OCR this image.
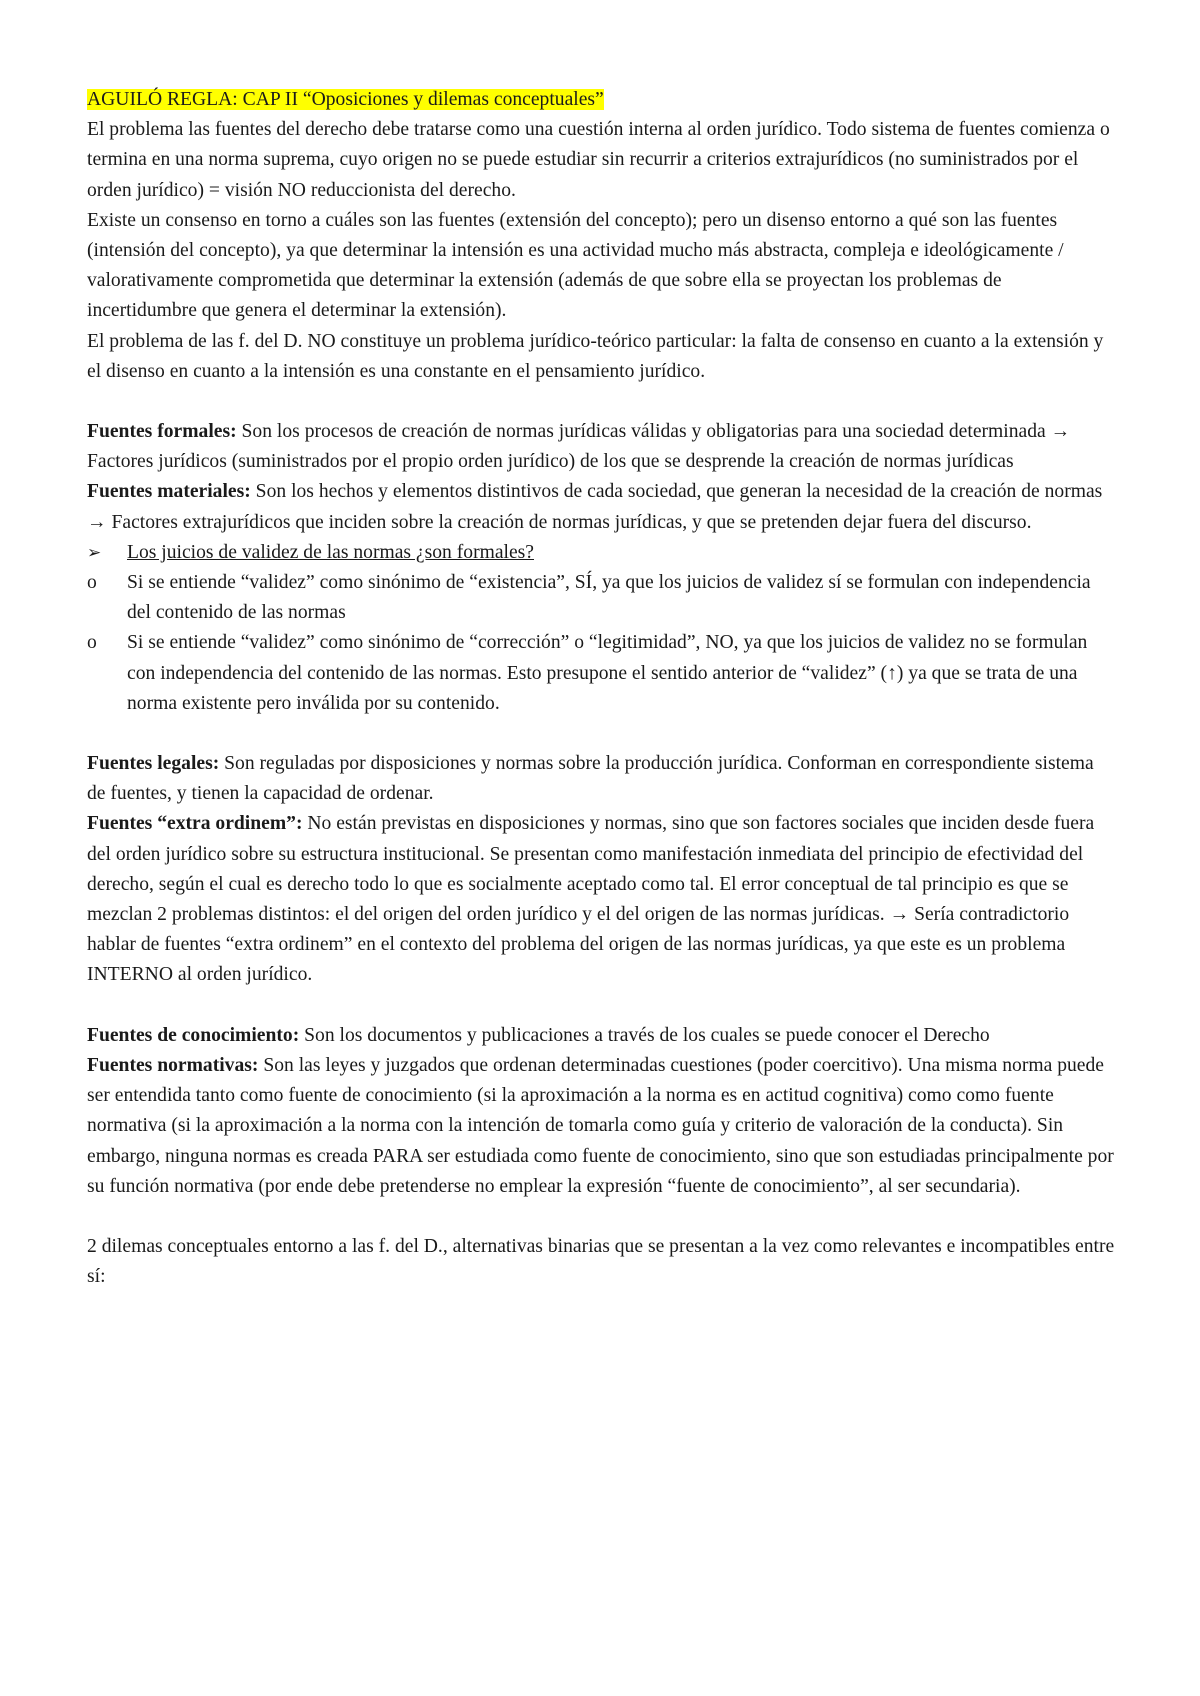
AGUILÓ REGLA: CAP II “Oposiciones y dilemas conceptuales”

El problema las fuentes del derecho debe tratarse como una cuestión interna al orden jurídico. Todo sistema de fuentes comienza o termina en una norma suprema, cuyo origen no se puede estudiar sin recurrir a criterios extrajurídicos (no suministrados por el orden jurídico) = visión NO reduccionista del derecho.

Existe un consenso en torno a cuáles son las fuentes (extensión del concepto); pero un disenso entorno a qué son las fuentes (intensión del concepto), ya que determinar la intensión es una actividad mucho más abstracta, compleja e ideológicamente / valorativamente comprometida que determinar la extensión (además de que sobre ella se proyectan los problemas de incertidumbre que genera el determinar la extensión).

El problema de las f. del D. NO constituye un problema jurídico-teórico particular: la falta de consenso en cuanto a la extensión y el disenso en cuanto a la intensión es una constante en el pensamiento jurídico.

Fuentes formales: Son los procesos de creación de normas jurídicas válidas y obligatorias para una sociedad determinada → Factores jurídicos (suministrados por el propio orden jurídico) de los que se desprende la creación de normas jurídicas

Fuentes materiales: Son los hechos y elementos distintivos de cada sociedad, que generan la necesidad de la creación de normas → Factores extrajurídicos que inciden sobre la creación de normas jurídicas, y que se pretenden dejar fuera del discurso.

➢	Los juicios de validez de las normas ¿son formales?
o	Si se entiende “validez” como sinónimo de “existencia”, SÍ, ya que los juicios de validez sí se formulan con independencia del contenido de las normas
o	Si se entiende “validez” como sinónimo de “corrección” o “legitimidad”, NO, ya que los juicios de validez no se formulan con independencia del contenido de las normas. Esto presupone el sentido anterior de “validez” (↑) ya que se trata de una norma existente pero inválida por su contenido.

Fuentes legales: Son reguladas por disposiciones y normas sobre la producción jurídica. Conforman en correspondiente sistema de fuentes, y tienen la capacidad de ordenar.

Fuentes “extra ordinem”: No están previstas en disposiciones y normas, sino que son factores sociales que inciden desde fuera del orden jurídico sobre su estructura institucional. Se presentan como manifestación inmediata del principio de efectividad del derecho, según el cual es derecho todo lo que es socialmente aceptado como tal. El error conceptual de tal principio es que se mezclan 2 problemas distintos: el del origen del orden jurídico y el del origen de las normas jurídicas. → Sería contradictorio hablar de fuentes “extra ordinem” en el contexto del problema del origen de las normas jurídicas, ya que este es un problema INTERNO al orden jurídico.

Fuentes de conocimiento: Son los documentos y publicaciones a través de los cuales se puede conocer el Derecho

Fuentes normativas: Son las leyes y juzgados que ordenan determinadas cuestiones (poder coercitivo). Una misma norma puede ser entendida tanto como fuente de conocimiento (si la aproximación a la norma es en actitud cognitiva) como como fuente normativa (si la aproximación a la norma con la intención de tomarla como guía y criterio de valoración de la conducta). Sin embargo, ninguna normas es creada PARA ser estudiada como fuente de conocimiento, sino que son estudiadas principalmente por su función normativa (por ende debe pretenderse no emplear la expresión “fuente de conocimiento”, al ser secundaria).

2 dilemas conceptuales entorno a las f. del D., alternativas binarias que se presentan a la vez como relevantes e incompatibles entre sí:
